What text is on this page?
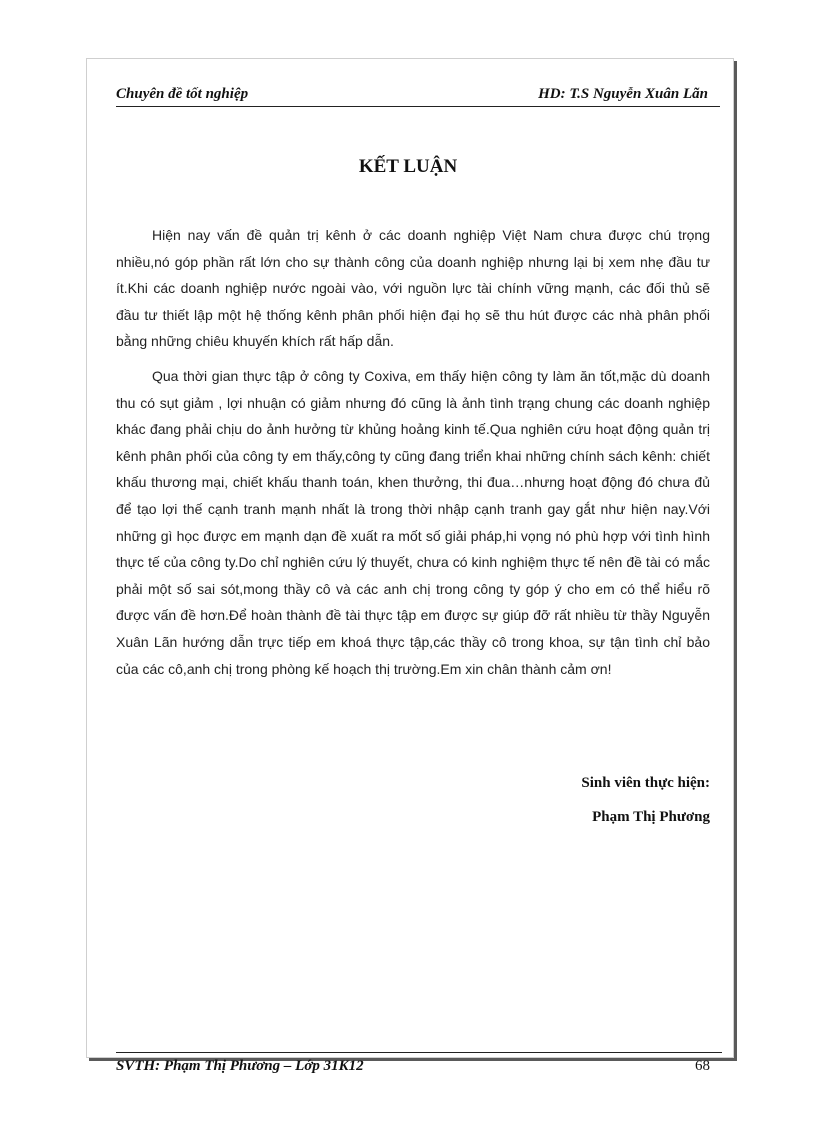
Chuyên đề tốt nghiệp	HD: T.S Nguyễn Xuân Lãn
KẾT LUẬN

Hiện nay vấn đề quản trị kênh ở các doanh nghiệp Việt Nam chưa được chú trọng nhiều,nó góp phần rất lớn cho sự thành công của doanh nghiệp nhưng lại bị xem nhẹ đầu tư ít.Khi các doanh nghiệp nước ngoài vào, với nguồn lực tài chính vững mạnh, các đối thủ sẽ đầu tư thiết lập một hệ thống kênh phân phối hiện đại họ sẽ thu hút được các nhà phân phối bằng những chiêu khuyến khích rất hấp dẫn.

Qua thời gian thực tập ở công ty Coxiva, em thấy hiện công ty làm ăn tốt,mặc dù doanh thu có sụt giảm , lợi nhuận có giảm nhưng đó cũng là ảnh tình trạng chung các doanh nghiệp khác đang phải chịu do ảnh hưởng từ khủng hoảng kinh tế.Qua nghiên cứu hoạt động quản trị kênh phân phối của công ty em thấy,công ty cũng đang triển khai những chính sách kênh: chiết khấu thương mại, chiết khấu thanh toán, khen thưởng, thi đua…nhưng hoạt động đó chưa đủ để tạo lợi thế cạnh tranh mạnh nhất là trong thời nhập cạnh tranh gay gắt như hiện nay.Với những gì học được em mạnh dạn đề xuất ra mốt số giải pháp,hi vọng nó phù hợp với tình hình thực tế của công ty.Do chỉ nghiên cứu lý thuyết, chưa có kinh nghiệm thực tế nên đề tài có mắc phải một số sai sót,mong thầy cô và các anh chị trong công ty góp ý cho em có thể hiểu rõ được vấn đề hơn.Để hoàn thành đề tài thực tập em được sự giúp đỡ rất nhiều từ thầy Nguyễn Xuân Lãn hướng dẫn trực tiếp em khoá thực tập,các thầy cô trong khoa, sự tận tình chỉ bảo của các cô,anh chị trong phòng kế hoạch thị trường.Em xin chân thành cảm ơn!

Sinh viên thực hiện:
Phạm Thị Phương
SVTH: Phạm Thị Phương – Lớp 31K12	68
